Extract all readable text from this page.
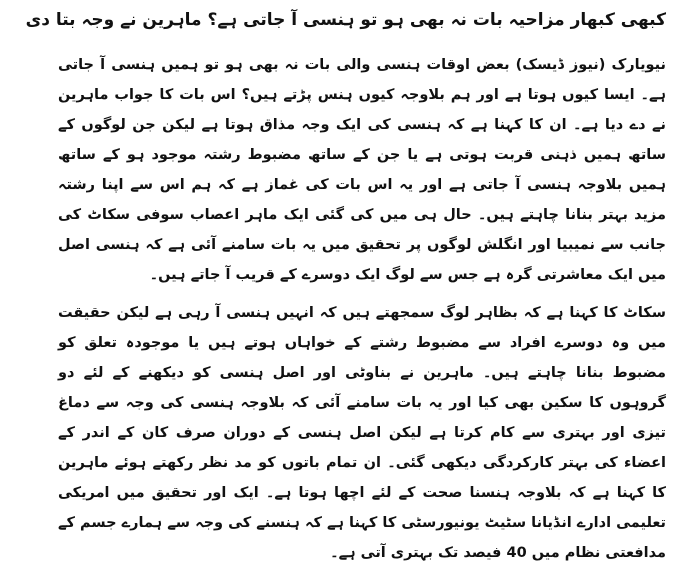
کبھی کبھار مزاحیہ بات نہ بھی ہو تو ہنسی آ جاتی ہے؟ ماہرین نے وجہ بتا دی

نیویارک (نیوز ڈیسک) بعض اوقات ہنسی والی بات نہ بھی ہو تو ہمیں ہنسی آ جاتی ہے۔ ایسا کیوں ہوتا ہے اور ہم بلاوجہ کیوں ہنس پڑتے ہیں؟ اس بات کا جواب ماہرین نے دے دیا ہے۔ ان کا کہنا ہے کہ ہنسی کی ایک وجہ مذاق ہوتا ہے لیکن جن لوگوں کے ساتھ ہمیں ذہنی قربت ہوتی ہے یا جن کے ساتھ مضبوط رشتہ موجود ہو کے ساتھ ہمیں بلاوجہ ہنسی آ جاتی ہے اور یہ اس بات کی غماز ہے کہ ہم اس سے اپنا رشتہ مزید بہتر بنانا چاہتے ہیں۔ حال ہی میں کی گئی ایک ماہر اعصاب سوفی سکاٹ کی جانب سے نمیبیا اور انگلش لوگوں پر تحقیق میں یہ بات سامنے آئی ہے کہ ہنسی اصل میں ایک معاشرتی گرہ ہے جس سے لوگ ایک دوسرے کے قریب آ جاتے ہیں۔

سکاٹ کا کہنا ہے کہ بظاہر لوگ سمجھتے ہیں کہ انہیں ہنسی آ رہی ہے لیکن حقیقت میں وہ دوسرے افراد سے مضبوط رشتے کے خواہاں ہوتے ہیں یا موجودہ تعلق کو مضبوط بنانا چاہتے ہیں۔ ماہرین نے بناوٹی اور اصل ہنسی کو دیکھنے کے لئے دو گروہوں کا سکین بھی کیا اور یہ بات سامنے آئی کہ بلاوجہ ہنسی کی وجہ سے دماغ تیزی اور بہتری سے کام کرتا ہے لیکن اصل ہنسی کے دوران صرف کان کے اندر کے اعضاء کی بہتر کارکردگی دیکھی گئی۔ ان تمام باتوں کو مد نظر رکھتے ہوئے ماہرین کا کہنا ہے کہ بلاوجہ ہنسنا صحت کے لئے اچھا ہوتا ہے۔ ایک اور تحقیق میں امریکی تعلیمی ادارے انڈیانا سٹیٹ یونیورسٹی کا کہنا ہے کہ ہنسنے کی وجہ سے ہمارے جسم کے مدافعتی نظام میں 40 فیصد تک بہتری آتی ہے۔
